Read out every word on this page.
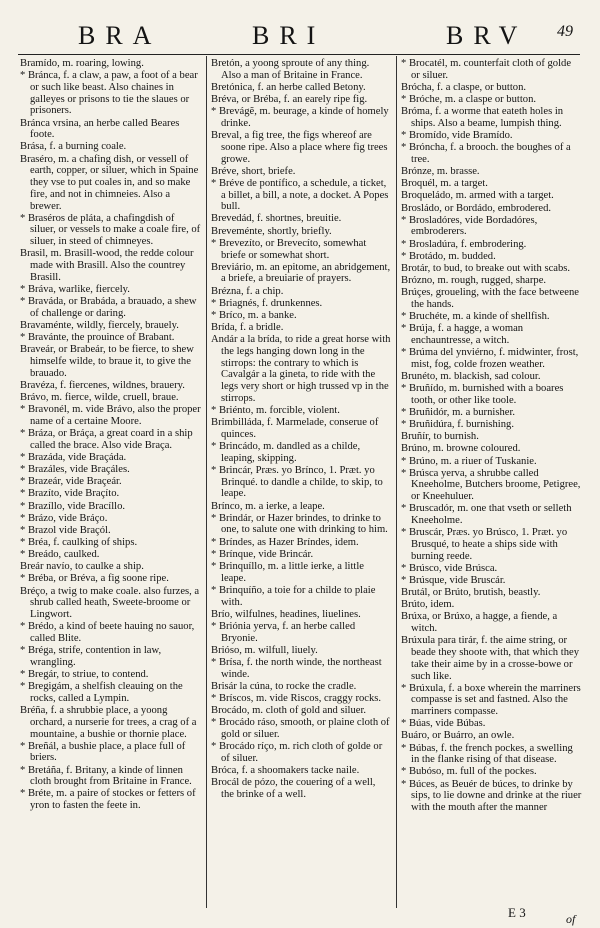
BRA	BRI	BRV 49
Bramído, m. roaring, lowing.
* Bránca, f. a claw, a paw, a foot of a bear or such like beast. Also chaines in galleyes or prisons to tie the slaues or prisoners.
Bránca vrsina, an herbe called Beares foote.
Brása, f. a burning coale.
Braséro, m. a chafing dish, or vessell of earth, copper, or siluer, which in Spaine they vse to put coales in, and so make fire, and not in chimneies. Also a brewer.
* Braséros de pláta, a chafingdish of siluer, or vessels to make a coale fire, of siluer, in steed of chimneyes.
Brasil, m. Brasill-wood, the redde colour made with Brasill. Also the countrey Brasill.
* Bráva, warlike, fiercely.
* Braváda, or Brabáda, a brauado, a shew of challenge or daring.
Bravaménte, wildly, fiercely, brauely.
* Bravánte, the prouince of Brabant.
Braveár, or Brabeár, to be fierce, to shew himselfe wilde, to braue it, to give the brauado.
Bravéza, f. fiercenes, wildnes, brauery.
Brávo, m. fierce, wilde, cruell, braue.
* Bravonél, m. vide Brávo, also the proper name of a certaine Moore.
* Bráza, or Bráça, a great coard in a ship called the brace. Also vide Braça.
* Brazáda, vide Braçáda.
* Brazáles, vide Braçáles.
* Brazeár, vide Braçeár.
* Brazíto, vide Braçíto.
* Brazíllo, vide Bracíllo.
* Brázo, vide Bráço.
* Brazol vide Braçól.
* Bréa, f. caulking of ships.
* Breádo, caulked.
Breár navío, to caulke a ship.
* Bréba, or Bréva, a fig soone ripe.
Bréço, a twig to make coale. also furzes, a shrub called heath, Sweete-broome or Lingwort.
* Brédo, a kind of beete hauing no sauor, called Blite.
* Bréga, strife, contention in law, wrangling.
* Bregár, to striue, to contend.
* Bregigám, a shelfish cleauing on the rocks, called a Lympin.
Bréña, f. a shrubbie place, a yoong orchard, a nurserie for trees, a crag of a mountaine, a bushie or thornie place.
* Breñál, a bushie place, a place full of briers.
* Bretáña, f. Britany, a kinde of linnen cloth brought from Britaine in France.
* Bréte, m. a paire of stockes or fetters of yron to fasten the feete in.
Bretón, a yoong sproute of any thing. Also a man of Britaine in France.
Bretónica, f. an herbe called Betony.
Bréva, or Bréba, f. an earely ripe fig.
* Brevágẽ, m. beurage, a kinde of homely drinke.
Breval, a fig tree, the figs whereof are soone ripe. Also a place where fig trees growe.
Bréve, short, briefe.
* Bréve de pontífico, a schedule, a ticket, a billet, a bill, a note, a docket. A Popes bull.
Brevedád, f. shortnes, breuitie.
Breveménte, shortly, briefly.
* Brevezíto, or Brevecíto, somewhat briefe or somewhat short.
Breviário, m. an epitome, an abridgement, a briefe, a breuiarie of prayers.
Brézna, f. a chip.
* Briagnés, f. drunkennes.
* Bríco, m. a banke.
Brída, f. a bridle.
Andár a la brída, to ride a great horse with the legs hanging down long in the stirrops: the contrary to which is Cavalgár a la gineta, to ride with the legs very short or high trussed vp in the stirrops.
* Briénto, m. forcible, violent.
Brimbilláda, f. Marmelade, conserue of quinces.
* Brincádo, m. dandled as a childe, leaping, skipping.
* Brincár, Præs. yo Bríncо, 1. Præt. yo Brinqué. to dandle a childe, to skip, to leape.
Bríncо, m. a ierke, a leape.
* Brindár, or Hazer brindes, to drinke to one, to salute one with drinking to him.
* Bríndes, as Hazer Bríndes, idem.
* Brínque, vide Brincár.
* Brinquíllo, m. a little ierke, a little leape.
* Brinquíño, a toie for a childe to plaie with.
Brío, wilfulnes, headines, liuelines.
* Briónia yerva, f. an herbe called Bryonie.
Brióso, m. wilfull, liuely.
* Brísa, f. the north winde, the northeast winde.
Brisár la cúna, to rocke the cradle.
* Brísсos, m. vide Riscos, craggy rocks.
Brocádo, m. cloth of gold and siluer.
* Brocádo ráso, smooth, or plaine cloth of gold or siluer.
* Brocádo ríço, m. rich cloth of golde or of siluer.
Bróca, f. a shoomakers tacke naile.
Brocál de pózo, the couering of a well, the brinke of a well.
* Brocatél, m. counterfait cloth of golde or siluer.
Brócha, f. a claspe, or button.
* Bróche, m. a claspe or button.
Bróma, f. a worme that eateth holes in ships. Also a beame, lumpish thing.
* Bromído, vide Bramído.
* Brónсha, f. a brooch. the boughes of a tree.
Brónze, m. brasse.
Broquél, m. a target.
Broqueládo, m. armed with a target.
Brosládo, or Bordádo, embrodered.
* Brosladóres, vide Bordadóres, embroderers.
* Brosladúra, f. embrodering.
* Brotádo, m. budded.
Brotár, to bud, to breake out with scabs.
Brózno, m. rough, rugged, sharpe.
Brúçes, groueling, with the face betweene the hands.
* Bruchéte, m. a kinde of shellfish.
* Brúja, f. a hagge, a woman enchauntresse, a witch.
* Brúma del ynviérno, f. midwinter, frost, mist, fog, colde frozen weather.
Brunéto, m. blackish, sad colour.
* Bruñído, m. burnished with a boares tooth, or other like toole.
* Bruñidór, m. a burnisher.
* Bruñidúra, f. burnishing.
Bruñír, to burnish.
Brúno, m. browne coloured.
* Brúno, m. a riuer of Tuskanie.
* Brúsca yerva, a shrubbe called Kneeholme, Butchers broome, Petigree, or Kneehuluer.
* Bruscadór, m. one that vseth or selleth Kneeholme.
* Bruscár, Præs. yo Brúsco, 1. Præt. yo Brusqué, to heate a ships side with burning reede.
* Brúsco, vide Brúsca.
* Brúsque, vide Bruscár.
Brutál, or Brúto, brutish, beastly.
Brúto, idem.
Brúxa, or Brúxo, a hagge, a fiende, a witch.
Brúxula para tirár, f. the aime string, or beade they shoote with, that which they take their aime by in a crosse-bowe or such like.
* Brúxula, f. a boxe wherein the marriners compasse is set and fastned. Also the marriners compasse.
* Búas, vide Búbas.
Buáro, or Buárro, an owle.
* Búbas, f. the french pockes, a swelling in the flanke rising of that disease.
* Bubóso, m. full of the pockes.
* Búces, as Beuér de búces, to drinke by sips, to lie downe and drinke at the riuer with the mouth after the manner
E 3	of
